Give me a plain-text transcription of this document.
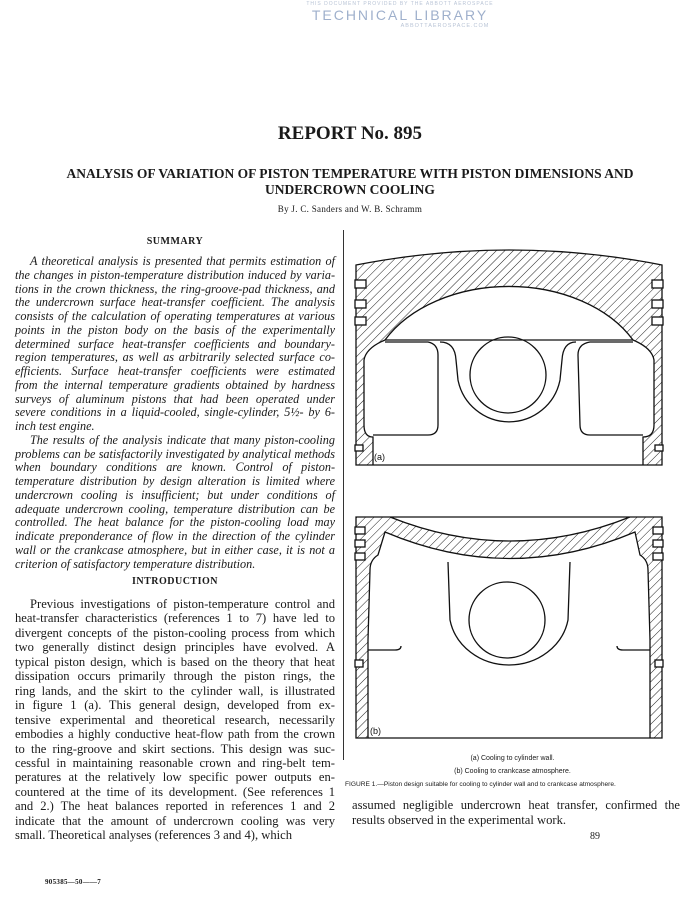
THIS DOCUMENT PROVIDED BY THE ABBOTT AEROSPACE
TECHNICAL LIBRARY
ABBOTTAEROSPACE.COM
REPORT No. 895
ANALYSIS OF VARIATION OF PISTON TEMPERATURE WITH PISTON DIMENSIONS AND
UNDERCROWN COOLING
By J. C. Sanders and W. B. Schramm
SUMMARY
A theoretical analysis is presented that permits estimation of
the changes in piston-temperature distribution induced by varia-
tions in the crown thickness, the ring-groove-pad thickness, and
the undercrown surface heat-transfer coefficient. The analysis
consists of the calculation of operating temperatures at various
points in the piston body on the basis of the experimentally
determined surface heat-transfer coefficients and boundary-
region temperatures, as well as arbitrarily selected surface co-
efficients. Surface heat-transfer coefficients were estimated
from the internal temperature gradients obtained by hardness
surveys of aluminum pistons that had been operated under
severe conditions in a liquid-cooled, single-cylinder, 5½- by 6-
inch test engine.
The results of the analysis indicate that many piston-cooling
problems can be satisfactorily investigated by analytical methods
when boundary conditions are known. Control of piston-
temperature distribution by design alteration is limited where
undercrown cooling is insufficient; but under conditions of
adequate undercrown cooling, temperature distribution can be
controlled. The heat balance for the piston-cooling load may
indicate preponderance of flow in the direction of the cylinder
wall or the crankcase atmosphere, but in either case, it is not a
criterion of satisfactory temperature distribution.
INTRODUCTION
Previous investigations of piston-temperature control and
heat-transfer characteristics (references 1 to 7) have led to
divergent concepts of the piston-cooling process from which
two generally distinct design principles have evolved. A
typical piston design, which is based on the theory that heat
dissipation occurs primarily through the piston rings, the
ring lands, and the skirt to the cylinder wall, is illustrated
in figure 1 (a). This general design, developed from ex-
tensive experimental and theoretical research, necessarily
embodies a highly conductive heat-flow path from the crown
to the ring-groove and skirt sections. This design was suc-
cessful in maintaining reasonable crown and ring-belt tem-
peratures at the relatively low specific power outputs en-
countered at the time of its development. (See references 1
and 2.) The heat balances reported in references 1 and 2
indicate that the amount of undercrown cooling was very
small. Theoretical analyses (references 3 and 4), which
(a)
(b)
(a) Cooling to cylinder wall.
(b) Cooling to crankcase atmosphere.
FIGURE 1.—Piston design suitable for cooling to cylinder wall and to crankcase atmosphere.
assumed negligible undercrown heat transfer, confirmed the
results observed in the experimental work.
89
905385—50——7
